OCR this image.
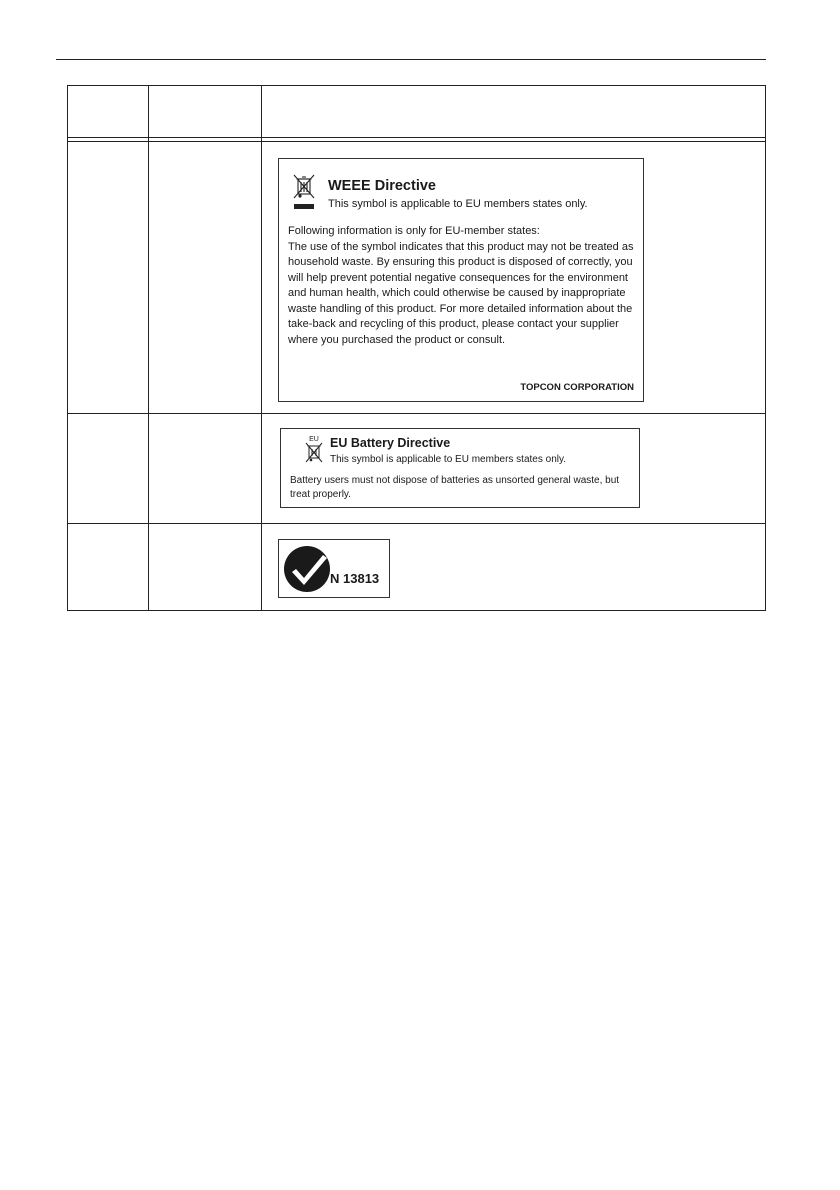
WEEE Directive
This symbol is applicable to EU members states only.

Following information is only for EU-member states:

The use of the symbol indicates that this product may not be treated as household waste. By ensuring this product is disposed of correctly, you will help prevent potential negative consequences for the environment and human health, which could otherwise be caused by inappropriate waste handling of this product. For more detailed information about the take-back and recycling of this product, please contact your supplier where you purchased the product or consult.

TOPCON CORPORATION
EU EU Battery Directive
This symbol is applicable to EU members states only.
Battery users must not dispose of batteries as unsorted general waste, but treat properly.
N 13813
